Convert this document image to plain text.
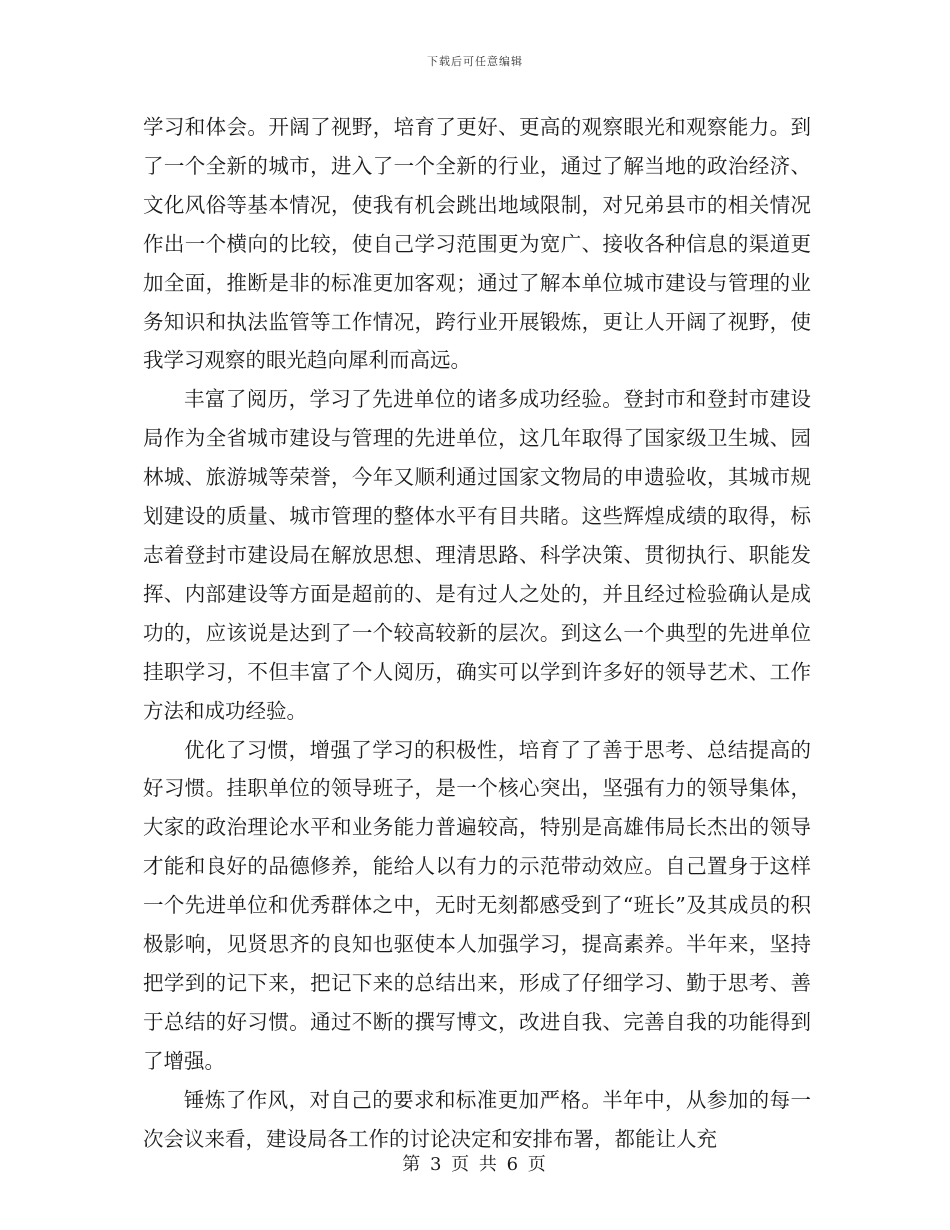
下载后可任意编辑

学习和体会。开阔了视野，培育了更好、更高的观察眼光和观察能力。到了一个全新的城市，进入了一个全新的行业，通过了解当地的政治经济、文化风俗等基本情况，使我有机会跳出地域限制，对兄弟县市的相关情况作出一个横向的比较，使自己学习范围更为宽广、接收各种信息的渠道更加全面，推断是非的标准更加客观；通过了解本单位城市建设与管理的业务知识和执法监管等工作情况，跨行业开展锻炼，更让人开阔了视野，使我学习观察的眼光趋向犀利而高远。

丰富了阅历，学习了先进单位的诸多成功经验。登封市和登封市建设局作为全省城市建设与管理的先进单位，这几年取得了国家级卫生城、园林城、旅游城等荣誉，今年又顺利通过国家文物局的申遗验收，其城市规划建设的质量、城市管理的整体水平有目共睹。这些辉煌成绩的取得，标志着登封市建设局在解放思想、理清思路、科学决策、贯彻执行、职能发挥、内部建设等方面是超前的、是有过人之处的，并且经过检验确认是成功的，应该说是达到了一个较高较新的层次。到这么一个典型的先进单位挂职学习，不但丰富了个人阅历，确实可以学到许多好的领导艺术、工作方法和成功经验。

优化了习惯，增强了学习的积极性，培育了了善于思考、总结提高的好习惯。挂职单位的领导班子，是一个核心突出，坚强有力的领导集体，大家的政治理论水平和业务能力普遍较高，特别是高雄伟局长杰出的领导才能和良好的品德修养，能给人以有力的示范带动效应。自己置身于这样一个先进单位和优秀群体之中，无时无刻都感受到了“班长”及其成员的积极影响，见贤思齐的良知也驱使本人加强学习，提高素养。半年来，坚持把学到的记下来，把记下来的总结出来，形成了仔细学习、勤于思考、善于总结的好习惯。通过不断的撰写博文，改进自我、完善自我的功能得到了增强。

锤炼了作风，对自己的要求和标准更加严格。半年中，从参加的每一次会议来看，建设局各工作的讨论决定和安排布署，都能让人充

第 3 页 共 6 页
